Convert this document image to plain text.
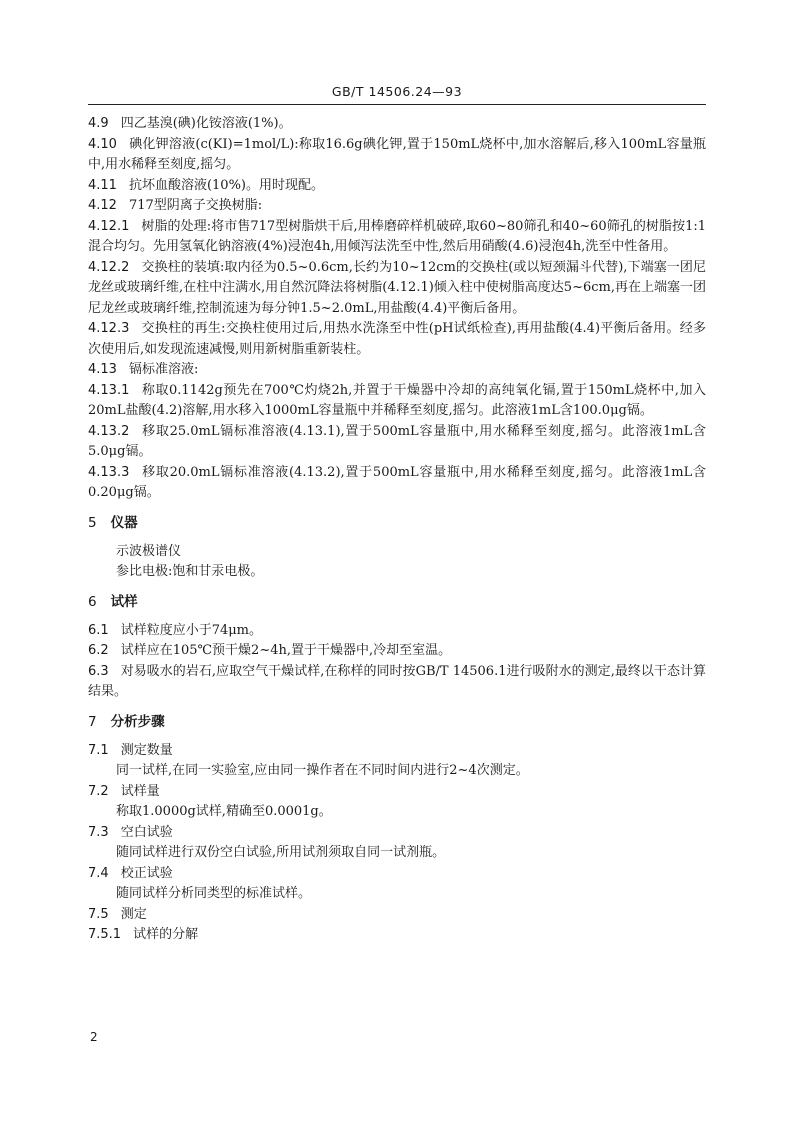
GB/T 14506.24—93
4.9 四乙基溴(碘)化铵溶液(1%)。
4.10 碘化钾溶液(c(KI)=1mol/L):称取16.6g碘化钾,置于150mL烧杯中,加水溶解后,移入100mL容量瓶中,用水稀释至刻度,摇匀。
4.11 抗坏血酸溶液(10%)。用时现配。
4.12 717型阴离子交换树脂:
4.12.1 树脂的处理:将市售717型树脂烘干后,用棒磨碎样机破碎,取60~80筛孔和40~60筛孔的树脂按1:1混合均匀。先用氢氧化钠溶液(4%)浸泡4h,用倾泻法洗至中性,然后用硝酸(4.6)浸泡4h,洗至中性备用。
4.12.2 交换柱的装填:取内径为0.5~0.6cm,长约为10~12cm的交换柱(或以短颈漏斗代替),下端塞一团尼龙丝或玻璃纤维,在柱中注满水,用自然沉降法将树脂(4.12.1)倾入柱中使树脂高度达5~6cm,再在上端塞一团尼龙丝或玻璃纤维,控制流速为每分钟1.5~2.0mL,用盐酸(4.4)平衡后备用。
4.12.3 交换柱的再生:交换柱使用过后,用热水洗涤至中性(pH试纸检查),再用盐酸(4.4)平衡后备用。经多次使用后,如发现流速减慢,则用新树脂重新装柱。
4.13 镉标准溶液:
4.13.1 称取0.1142g预先在700℃灼烧2h,并置于干燥器中冷却的高纯氧化镉,置于150mL烧杯中,加入20mL盐酸(4.2)溶解,用水移入1000mL容量瓶中并稀释至刻度,摇匀。此溶液1mL含100.0μg镉。
4.13.2 移取25.0mL镉标准溶液(4.13.1),置于500mL容量瓶中,用水稀释至刻度,摇匀。此溶液1mL含5.0μg镉。
4.13.3 移取20.0mL镉标准溶液(4.13.2),置于500mL容量瓶中,用水稀释至刻度,摇匀。此溶液1mL含0.20μg镉。
5 仪器
示波极谱仪
参比电极:饱和甘汞电极。
6 试样
6.1 试样粒度应小于74μm。
6.2 试样应在105℃预干燥2~4h,置于干燥器中,冷却至室温。
6.3 对易吸水的岩石,应取空气干燥试样,在称样的同时按GB/T 14506.1进行吸附水的测定,最终以干态计算结果。
7 分析步骤
7.1 测定数量
同一试样,在同一实验室,应由同一操作者在不同时间内进行2~4次测定。
7.2 试样量
称取1.0000g试样,精确至0.0001g。
7.3 空白试验
随同试样进行双份空白试验,所用试剂须取自同一试剂瓶。
7.4 校正试验
随同试样分析同类型的标准试样。
7.5 测定
7.5.1 试样的分解
2
